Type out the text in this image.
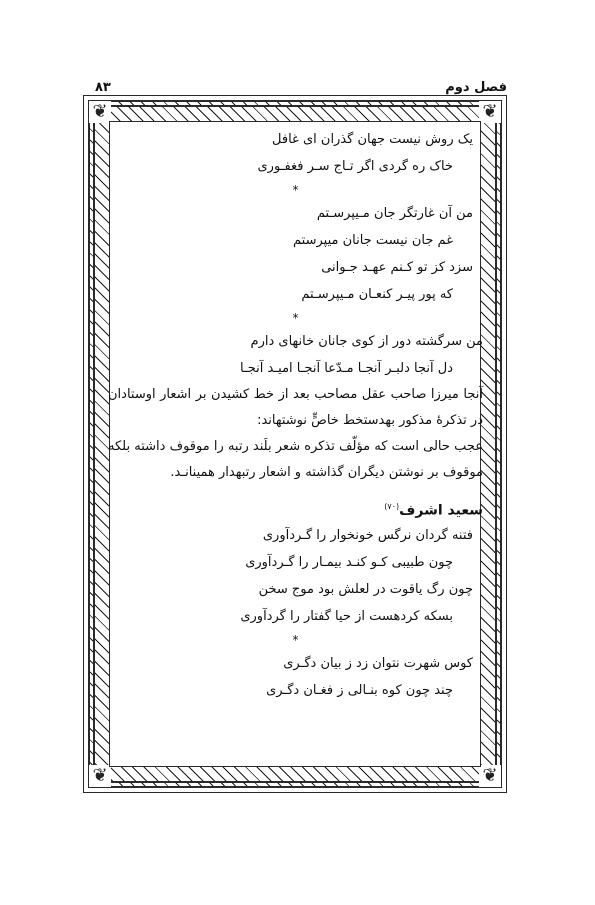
۸۳	فصل دوم
❦	❦
❦	❦
یک روش نیست جهان گذران ای غافل
خاک ره گردی اگر تـاج سـر فغفـوری
*
من آن غارتگر جان مـیپرسـتم
غم جان نیست جانان میپرستم
سزد کز تو کـنم عهـد جـوانی
که پور پیـر کنعـان مـیپرسـتم
*
من سرگشته دور از کوی جانان خانهای دارم
دل آنجا دلبـر آنجـا مـدّعا آنجـا امیـد آنجـا
آنجا میرزا صاحب عقل مصاحب بعد از خط کشیدن بر اشعار اوستادان در تذکرهٔ مذکور بهدستخط خاصٍّ نوشتهاند:
عجب حالی است که مؤلّف تذکره شعر بلَند رتبه را موقوف داشته بلکه موقوف بر نوشتن دیگران گذاشته و اشعار رتبهدار همینانـد.
سعید اشرف$^{(۷۰)}$
فتنه گردان نرگس خونخوار را گـردآوری
چون طبیبی کـو کنـد بیمـار را گـردآوری
چون رگ یاقوت در لعلش بود موج سخن
بسکه کردهست از حیا گفتار را گردآوری
*
کوس شهرت نتوان زد ز بیان دگـری
چند چون کوه بنـالی ز فغـان دگـری
